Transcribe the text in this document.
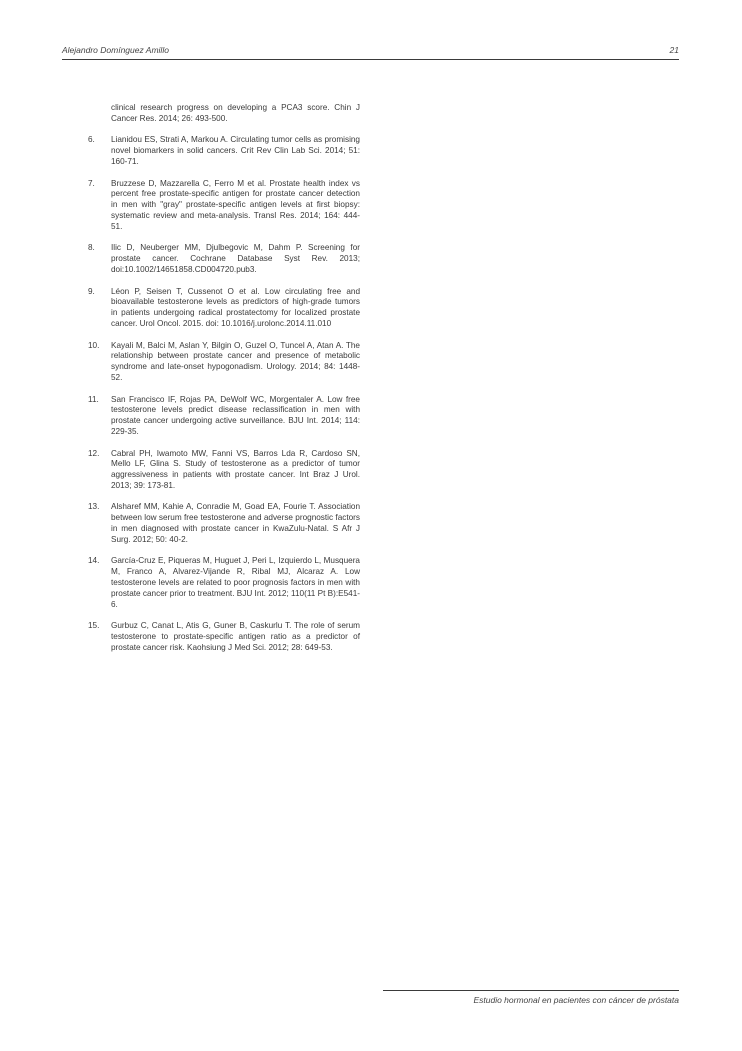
Alejandro Domínguez Amillo	21
clinical research progress on developing a PCA3 score. Chin J Cancer Res. 2014; 26: 493-500.
6. Lianidou ES, Strati A, Markou A. Circulating tumor cells as promising novel biomarkers in solid cancers. Crit Rev Clin Lab Sci. 2014; 51: 160-71.
7. Bruzzese D, Mazzarella C, Ferro M et al. Prostate health index vs percent free prostate-specific antigen for prostate cancer detection in men with "gray" prostate-specific antigen levels at first biopsy: systematic review and meta-analysis. Transl Res. 2014; 164: 444-51.
8. Ilic D, Neuberger MM, Djulbegovic M, Dahm P. Screening for prostate cancer. Cochrane Database Syst Rev. 2013; doi:10.1002/14651858.CD004720.pub3.
9. Léon P, Seisen T, Cussenot O et al. Low circulating free and bioavailable testosterone levels as predictors of high-grade tumors in patients undergoing radical prostatectomy for localized prostate cancer. Urol Oncol. 2015. doi: 10.1016/j.urolonc.2014.11.010
10. Kayali M, Balci M, Aslan Y, Bilgin O, Guzel O, Tuncel A, Atan A. The relationship between prostate cancer and presence of metabolic syndrome and late-onset hypogonadism. Urology. 2014; 84: 1448-52.
11. San Francisco IF, Rojas PA, DeWolf WC, Morgentaler A. Low free testosterone levels predict disease reclassification in men with prostate cancer undergoing active surveillance. BJU Int. 2014; 114: 229-35.
12. Cabral PH, Iwamoto MW, Fanni VS, Barros Lda R, Cardoso SN, Mello LF, Glina S. Study of testosterone as a predictor of tumor aggressiveness in patients with prostate cancer. Int Braz J Urol. 2013; 39: 173-81.
13. Alsharef MM, Kahie A, Conradie M, Goad EA, Fourie T. Association between low serum free testosterone and adverse prognostic factors in men diagnosed with prostate cancer in KwaZulu-Natal. S Afr J Surg. 2012; 50: 40-2.
14. García-Cruz E, Piqueras M, Huguet J, Peri L, Izquierdo L, Musquera M, Franco A, Alvarez-Vijande R, Ribal MJ, Alcaraz A. Low testosterone levels are related to poor prognosis factors in men with prostate cancer prior to treatment. BJU Int. 2012; 110(11 Pt B):E541-6.
15. Gurbuz C, Canat L, Atis G, Guner B, Caskurlu T. The role of serum testosterone to prostate-specific antigen ratio as a predictor of prostate cancer risk. Kaohsiung J Med Sci. 2012; 28: 649-53.
Estudio hormonal en pacientes con cáncer de próstata
